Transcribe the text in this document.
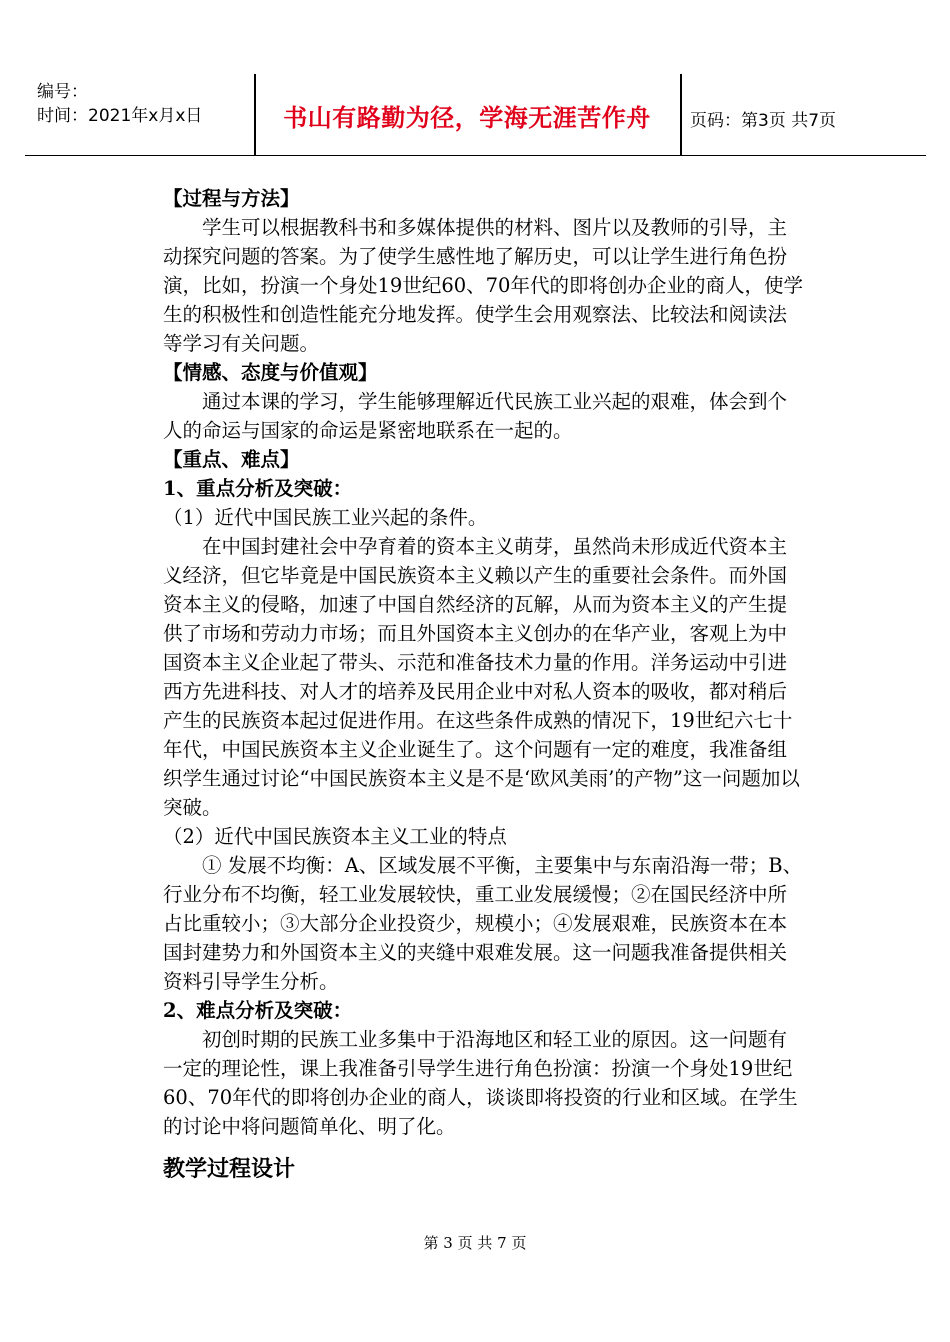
编号：
时间：2021年x月x日	书山有路勤为径，学海无涯苦作舟	页码：第3页 共7页

【过程与方法】

学生可以根据教科书和多媒体提供的材料、图片以及教师的引导，主动探究问题的答案。为了使学生感性地了解历史，可以让学生进行角色扮演，比如，扮演一个身处19世纪60、70年代的即将创办企业的商人，使学生的积极性和创造性能充分地发挥。使学生会用观察法、比较法和阅读法等学习有关问题。

【情感、态度与价值观】

通过本课的学习，学生能够理解近代民族工业兴起的艰难，体会到个人的命运与国家的命运是紧密地联系在一起的。

【重点、难点】

1、重点分析及突破：

（1）近代中国民族工业兴起的条件。

在中国封建社会中孕育着的资本主义萌芽，虽然尚未形成近代资本主义经济，但它毕竟是中国民族资本主义赖以产生的重要社会条件。而外国资本主义的侵略，加速了中国自然经济的瓦解，从而为资本主义的产生提供了市场和劳动力市场；而且外国资本主义创办的在华产业，客观上为中国资本主义企业起了带头、示范和准备技术力量的作用。洋务运动中引进西方先进科技、对人才的培养及民用企业中对私人资本的吸收，都对稍后产生的民族资本起过促进作用。在这些条件成熟的情况下，19世纪六七十年代，中国民族资本主义企业诞生了。这个问题有一定的难度，我准备组织学生通过讨论“中国民族资本主义是不是‘欧风美雨’的产物”这一问题加以突破。

（2）近代中国民族资本主义工业的特点

① 发展不均衡：A、区域发展不平衡，主要集中与东南沿海一带；B、行业分布不均衡，轻工业发展较快，重工业发展缓慢；②在国民经济中所占比重较小；③大部分企业投资少，规模小；④发展艰难，民族资本在本国封建势力和外国资本主义的夹缝中艰难发展。这一问题我准备提供相关资料引导学生分析。

2、难点分析及突破：

初创时期的民族工业多集中于沿海地区和轻工业的原因。这一问题有一定的理论性，课上我准备引导学生进行角色扮演：扮演一个身处19世纪60、70年代的即将创办企业的商人，谈谈即将投资的行业和区域。在学生的讨论中将问题简单化、明了化。

教学过程设计

第 3 页 共 7 页
